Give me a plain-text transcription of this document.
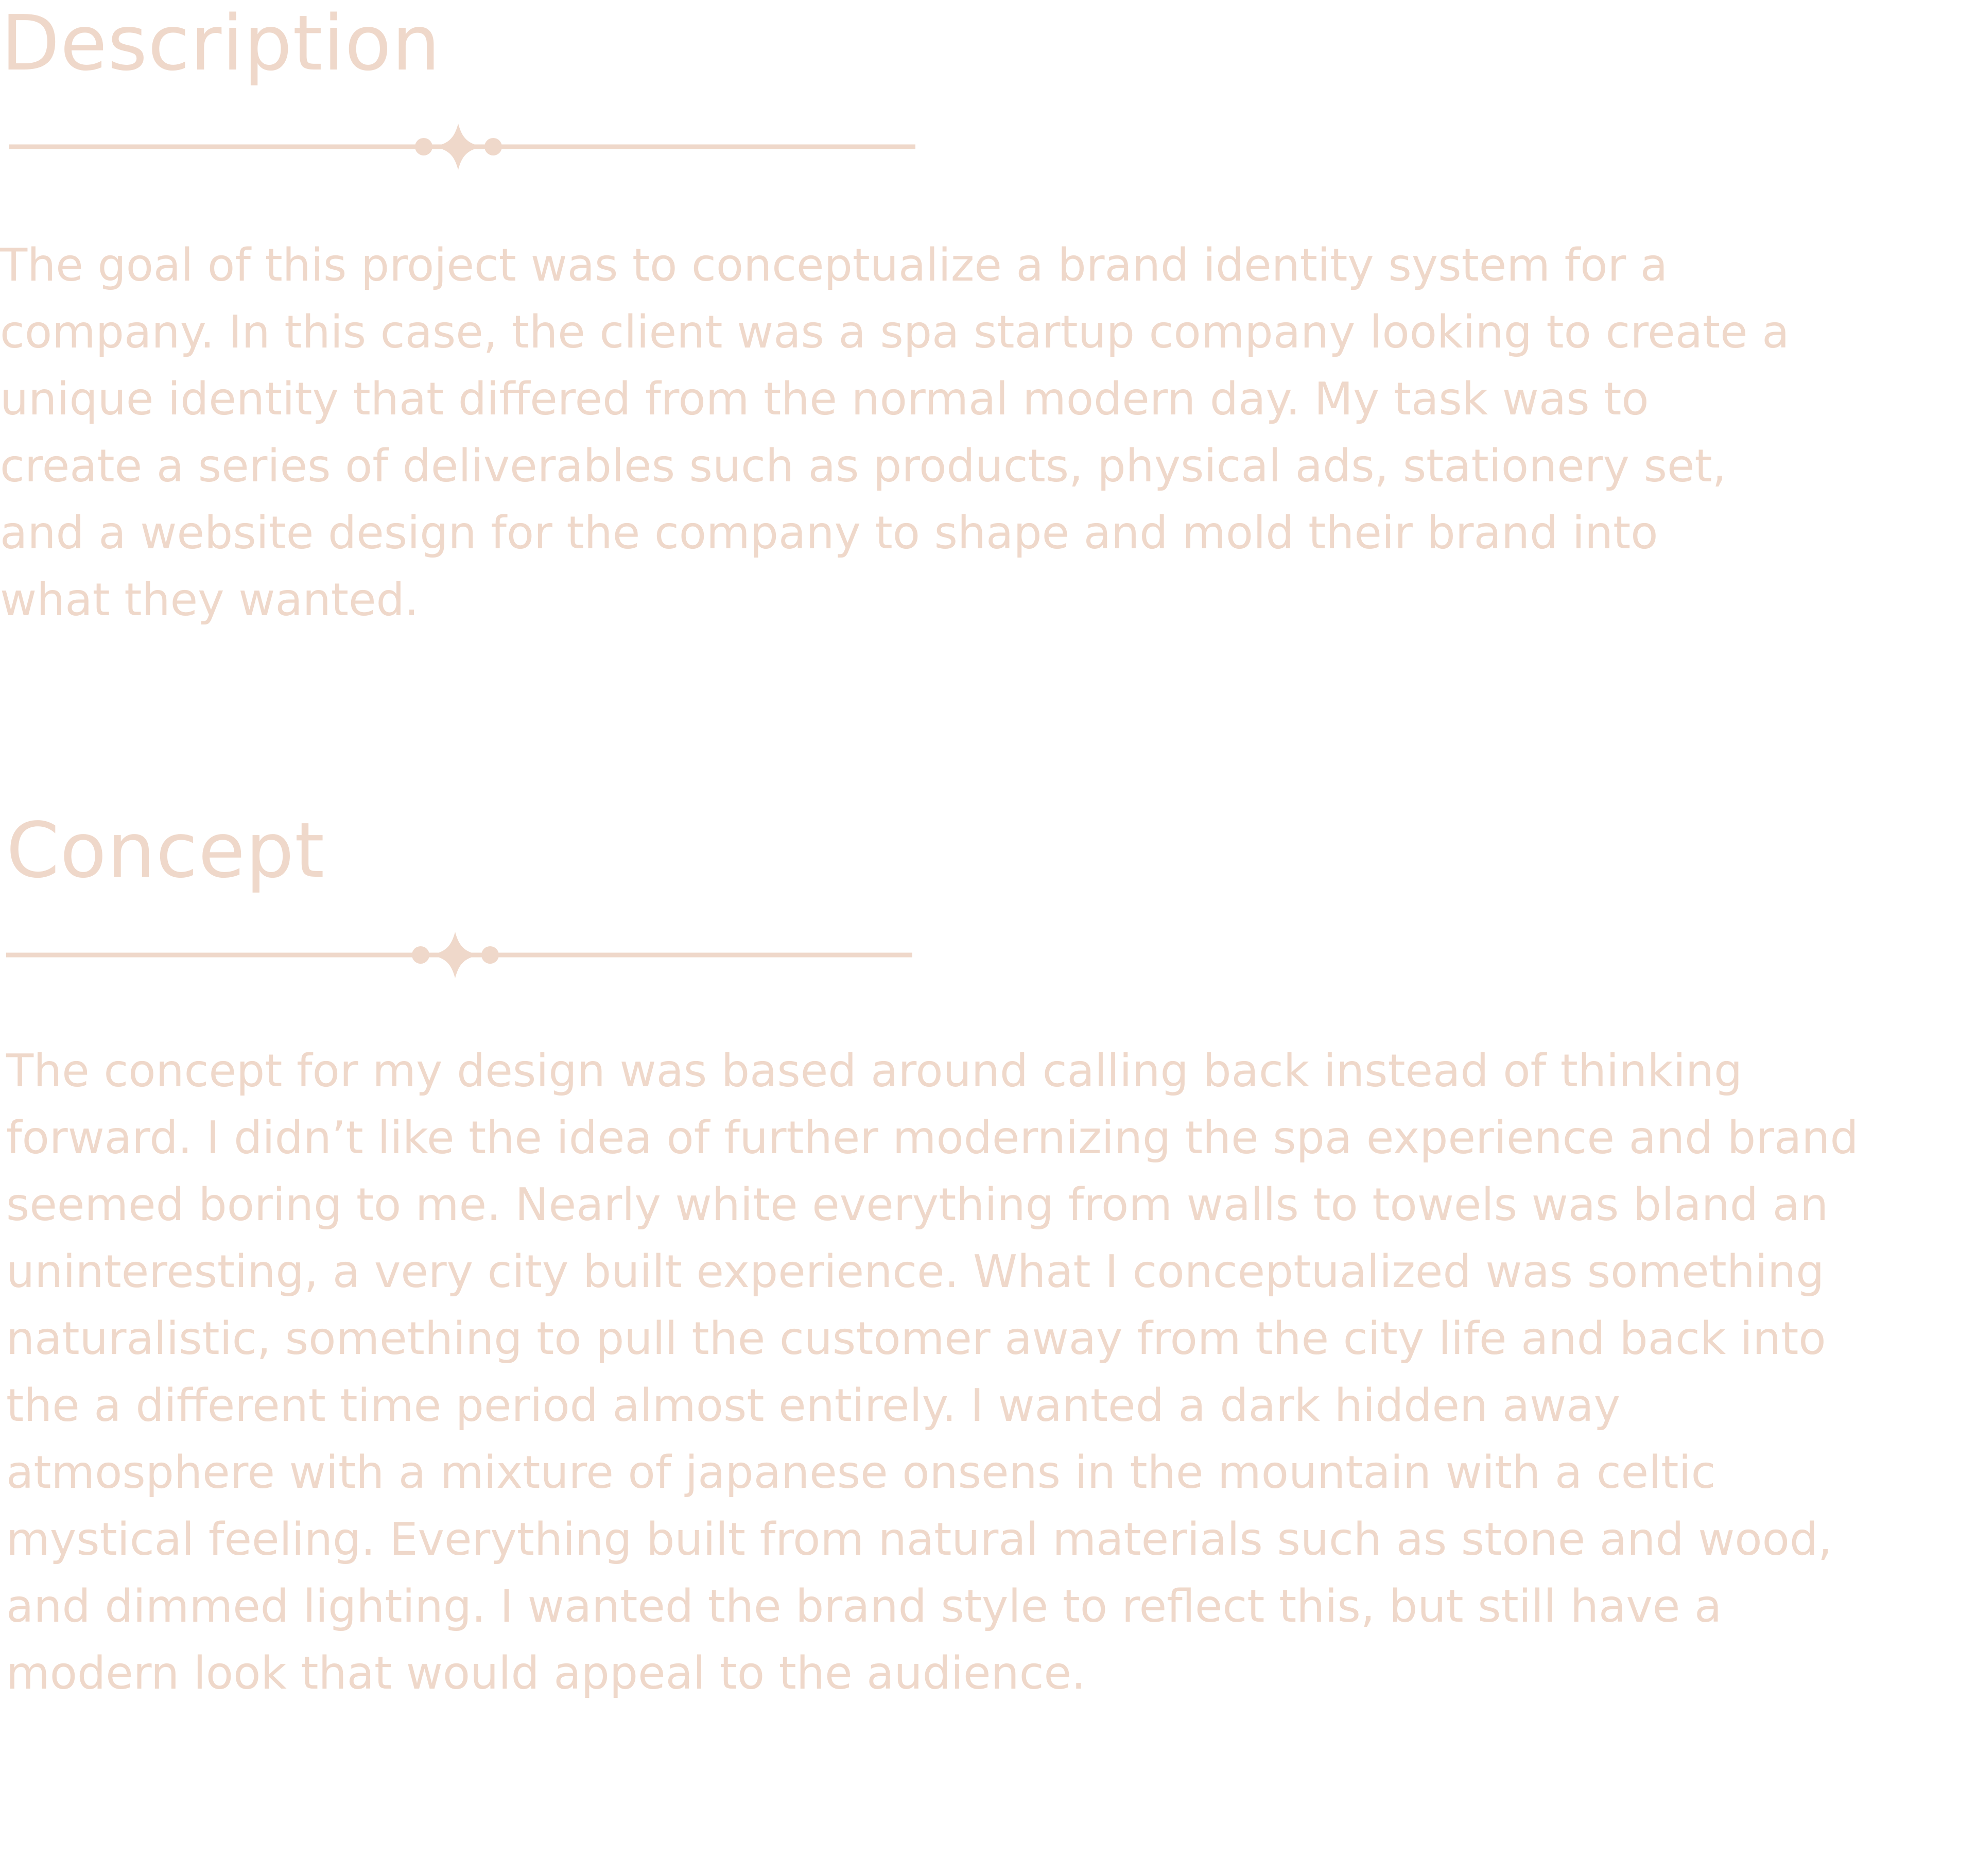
Description

The goal of this project was to conceptualize a brand identity system for a
company. In this case, the client was a spa startup company looking to create a
unique identity that differed from the normal modern day. My task was to
create a series of deliverables such as products, physical ads, stationery set,
and a website design for the company to shape and mold their brand into
what they wanted.

Concept

The concept for my design was based around calling back instead of thinking
forward. I didn’t like the idea of further modernizing the spa experience and brand
seemed boring to me. Nearly white everything from walls to towels was bland an
uninteresting, a very city built experience. What I conceptualized was something
naturalistic, something to pull the customer away from the city life and back into
the a different time period almost entirely. I wanted a dark hidden away
atmosphere with a mixture of japanese onsens in the mountain with a celtic
mystical feeling. Everything built from natural materials such as stone and wood,
and dimmed lighting. I wanted the brand style to reflect this, but still have a
modern look that would appeal to the audience.
